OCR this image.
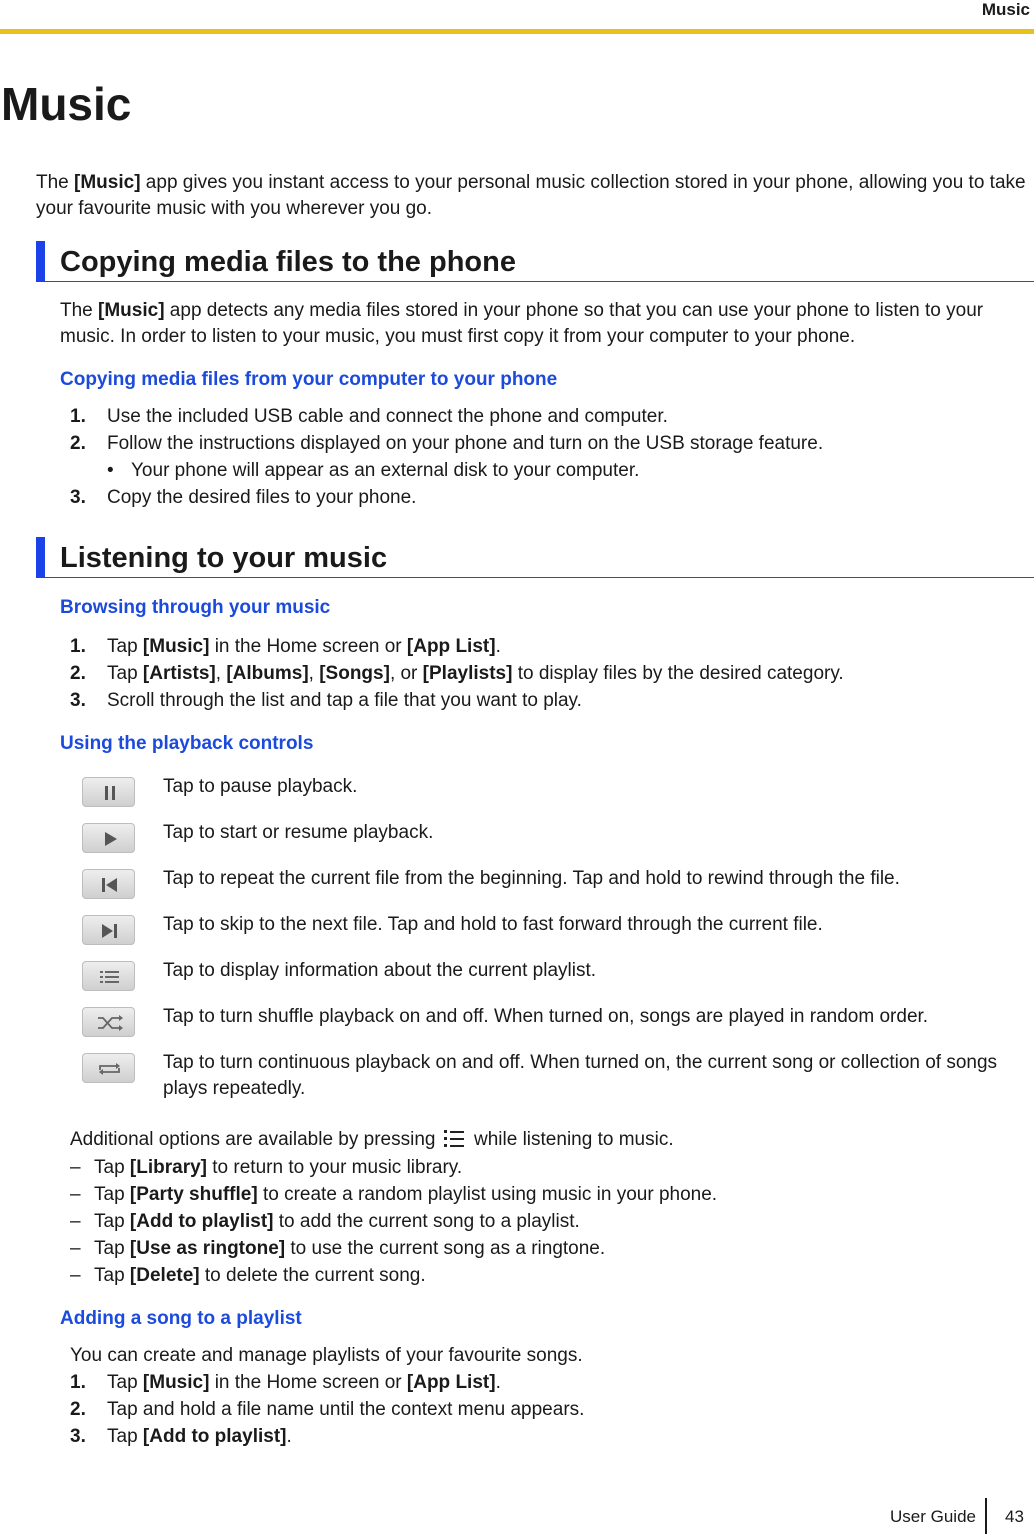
Music
Music
The [Music] app gives you instant access to your personal music collection stored in your phone, allowing you to take your favourite music with you wherever you go.
Copying media files to the phone
The [Music] app detects any media files stored in your phone so that you can use your phone to listen to your music. In order to listen to your music, you must first copy it from your computer to your phone.
Copying media files from your computer to your phone
1. Use the included USB cable and connect the phone and computer.
2. Follow the instructions displayed on your phone and turn on the USB storage feature.
• Your phone will appear as an external disk to your computer.
3. Copy the desired files to your phone.
Listening to your music
Browsing through your music
1. Tap [Music] in the Home screen or [App List].
2. Tap [Artists], [Albums], [Songs], or [Playlists] to display files by the desired category.
3. Scroll through the list and tap a file that you want to play.
Using the playback controls
Tap to pause playback.
Tap to start or resume playback.
Tap to repeat the current file from the beginning. Tap and hold to rewind through the file.
Tap to skip to the next file. Tap and hold to fast forward through the current file.
Tap to display information about the current playlist.
Tap to turn shuffle playback on and off. When turned on, songs are played in random order.
Tap to turn continuous playback on and off. When turned on, the current song or collection of songs plays repeatedly.
Additional options are available by pressing  while listening to music.
– Tap [Library] to return to your music library.
– Tap [Party shuffle] to create a random playlist using music in your phone.
– Tap [Add to playlist] to add the current song to a playlist.
– Tap [Use as ringtone] to use the current song as a ringtone.
– Tap [Delete] to delete the current song.
Adding a song to a playlist
You can create and manage playlists of your favourite songs.
1. Tap [Music] in the Home screen or [App List].
2. Tap and hold a file name until the context menu appears.
3. Tap [Add to playlist].
User Guide 43
